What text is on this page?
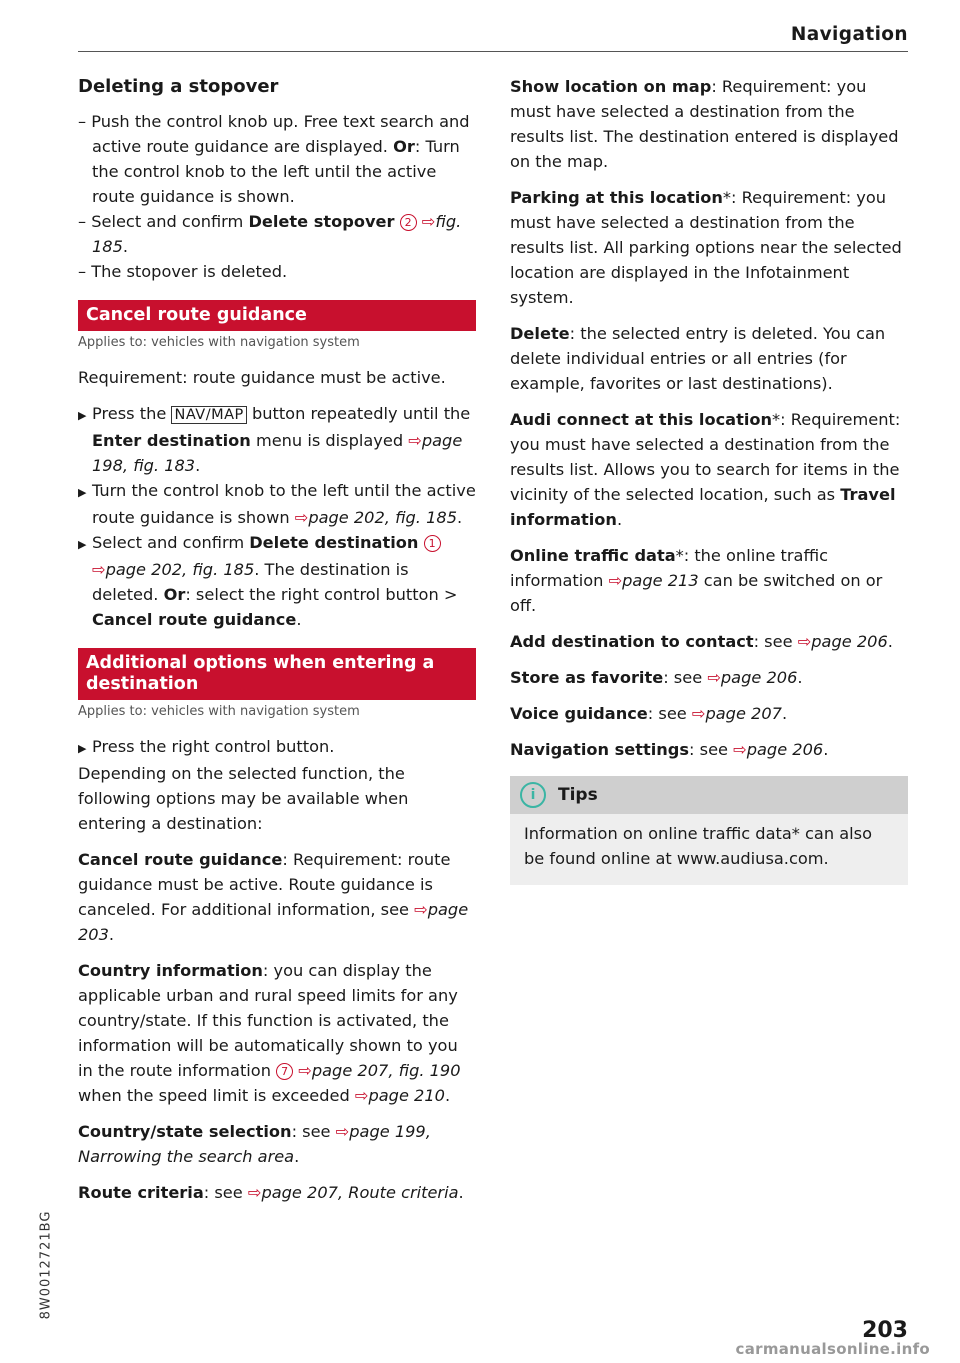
Navigation
Deleting a stopover

– Push the control knob up. Free text search and active route guidance are displayed. Or: Turn the control knob to the left until the active route guidance is shown.

– Select and confirm Delete stopover 2 ⇨fig. 185.

– The stopover is deleted.

Cancel route guidance
Applies to: vehicles with navigation system

Requirement: route guidance must be active.

▶ Press the NAV/MAP button repeatedly until the Enter destination menu is displayed ⇨page 198, fig. 183.

▶ Turn the control knob to the left until the active route guidance is shown ⇨page 202, fig. 185.

▶ Select and confirm Delete destination 1 ⇨page 202, fig. 185. The destination is deleted. Or: select the right control button > Cancel route guidance.

Additional options when entering a destination
Applies to: vehicles with navigation system

▶ Press the right control button.

Depending on the selected function, the following options may be available when entering a destination:

Cancel route guidance: Requirement: route guidance must be active. Route guidance is canceled. For additional information, see ⇨page 203.

Country information: you can display the applicable urban and rural speed limits for any country/state. If this function is activated, the information will be automatically shown to you in the route information 7 ⇨page 207, fig. 190 when the speed limit is exceeded ⇨page 210.

Country/state selection: see ⇨page 199, Narrowing the search area.

Route criteria: see ⇨page 207, Route criteria.

Show location on map: Requirement: you must have selected a destination from the results list. The destination entered is displayed on the map.

Parking at this location*: Requirement: you must have selected a destination from the results list. All parking options near the selected location are displayed in the Infotainment system.

Delete: the selected entry is deleted. You can delete individual entries or all entries (for example, favorites or last destinations).

Audi connect at this location*: Requirement: you must have selected a destination from the results list. Allows you to search for items in the vicinity of the selected location, such as Travel information.

Online traffic data*: the online traffic information ⇨page 213 can be switched on or off.

Add destination to contact: see ⇨page 206.

Store as favorite: see ⇨page 206.

Voice guidance: see ⇨page 207.

Navigation settings: see ⇨page 206.

i	Tips

Information on online traffic data* can also be found online at www.audiusa.com.

8W0012721BG
203
carmanualsonline.info
